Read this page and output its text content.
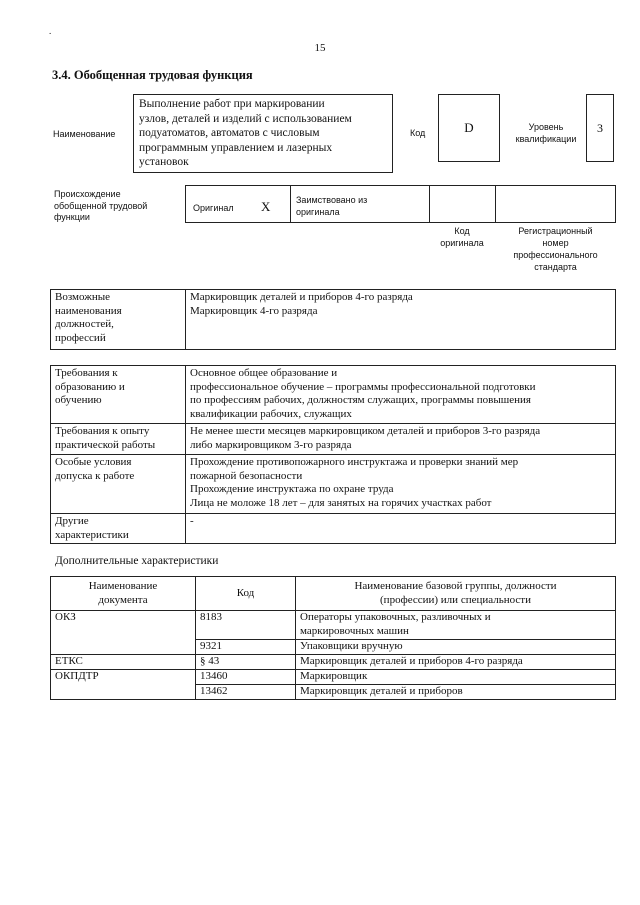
.
15
3.4. Обобщенная трудовая функция
Наименование
Выполнение работ при маркировании
узлов, деталей и изделий с использованием
подуатоматов, автоматов с числовым
программным управлением и лазерных
установок
Код	D	Уровень
квалификации
3
Происхождение
обобщенной трудовой
функции
Оригинал X	Заимствовано из
оригинала
Код
оригинала
Регистрационный
номер
профессионального
стандарта
Возможные
наименования
должностей,
профессий

Маркировщик деталей и приборов 4-го разряда
Маркировщик 4-го разряда
Требования к
образованию и
обучению	Основное общее образование и
профессиональное обучение – программы профессиональной подготовки
по профессиям рабочих, должностям служащих, программы повышения
квалификации рабочих, служащих

Требования к опыту
практической работы	Не менее шести месяцев маркировщиком деталей и приборов 3-го разряда
либо маркировщиком 3-го разряда

Особые условия
допуска к работе	Прохождение противопожарного инструктажа и проверки знаний мер
пожарной безопасности
Прохождение инструктажа по охране труда
Лица не моложе 18 лет – для занятых на горячих участках работ

Другие
характеристики	-
Дополнительные характеристики
Наименование
документа	Код	Наименование базовой группы, должности
(профессии) или специальности

ОКЗ	8183	Операторы упаковочных, разливочных и
маркировочных машин

	9321	Упаковщики вручную
ЕТКС	§ 43	Маркировщик деталей и приборов 4-го разряда
ОКПДТР	13460	Маркировщик
	13462	Маркировщик деталей и приборов
